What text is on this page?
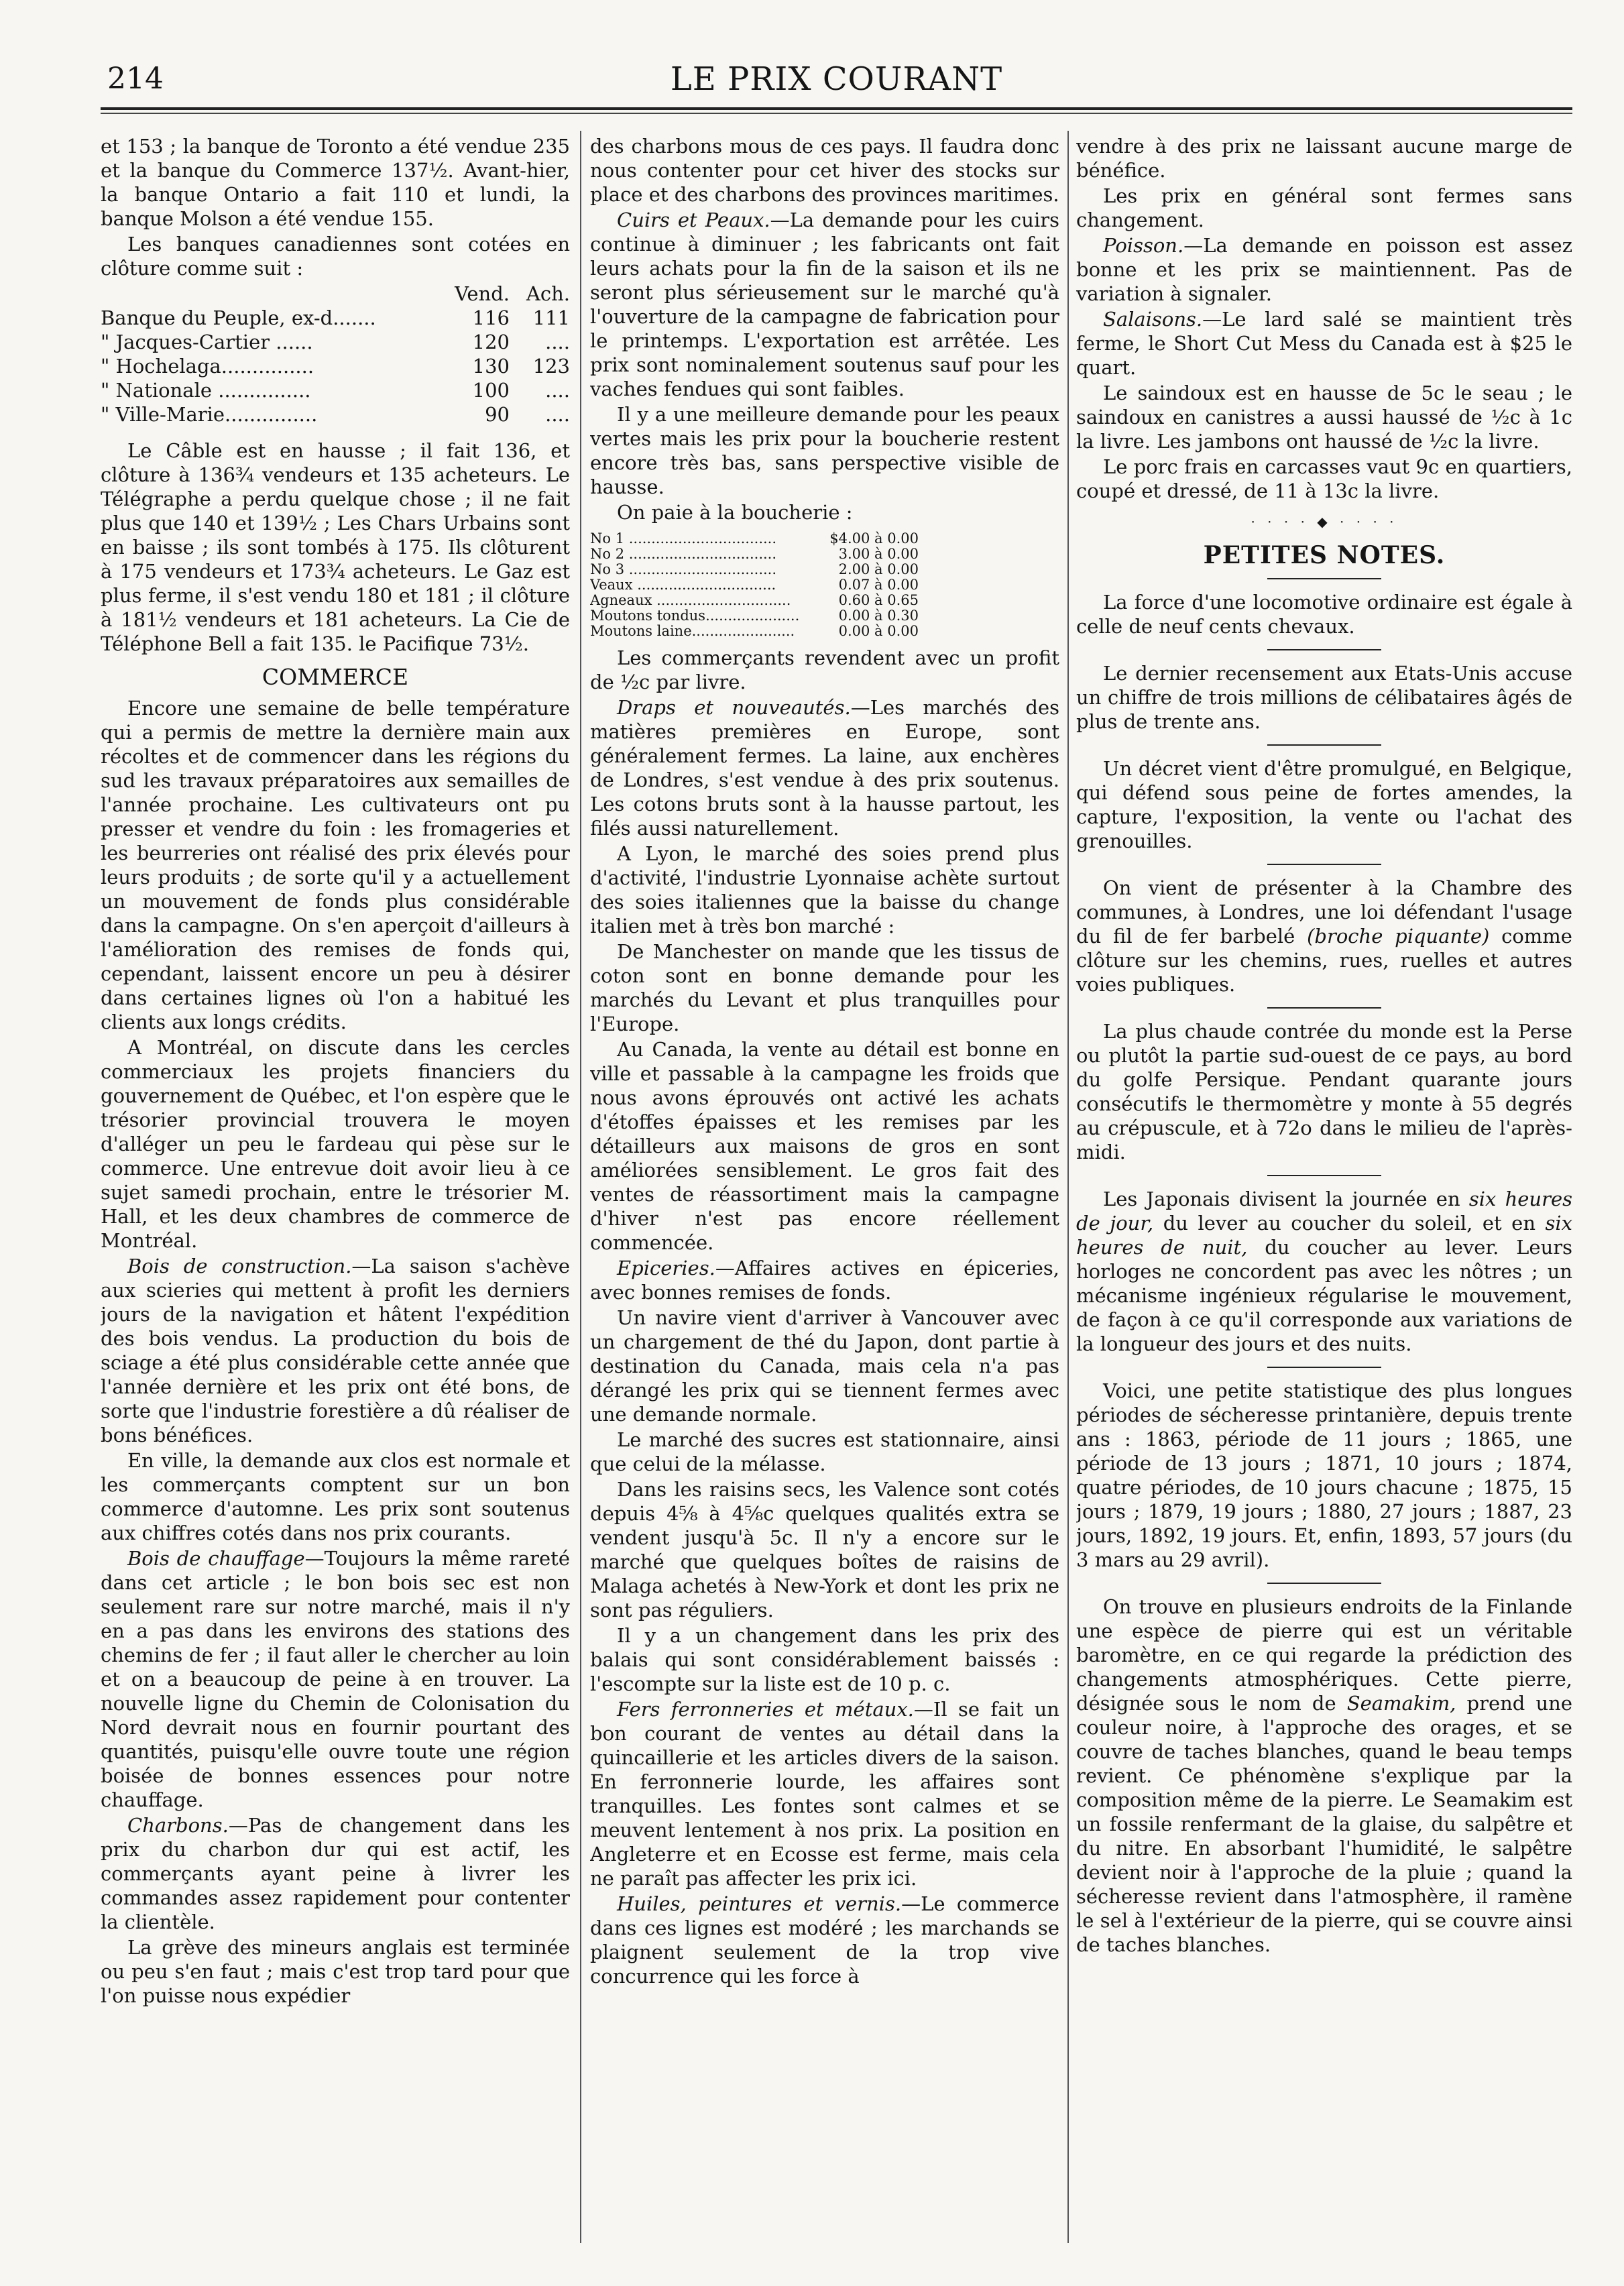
214	LE PRIX COURANT

et 153 ; la banque de Toronto a été vendue 235 et la banque du Commerce 137½. Avant-hier, la banque Ontario a fait 110 et lundi, la banque Molson a été vendue 155.

Les banques canadiennes sont cotées en clôture comme suit :

	Vend.	Ach.
Banque du Peuple, ex-d.......	116	111
" Jacques-Cartier ......	120	....
" Hochelaga...............	130	123
" Nationale ...............	100	....
" Ville-Marie...............	90	....

Le Câble est en hausse ; il fait 136, et clôture à 136¾ vendeurs et 135 acheteurs. Le Télégraphe a perdu quelque chose ; il ne fait plus que 140 et 139½ ; Les Chars Urbains sont en baisse ; ils sont tombés à 175. Ils clôturent à 175 vendeurs et 173¾ acheteurs. Le Gaz est plus ferme, il s'est vendu 180 et 181 ; il clôture à 181½ vendeurs et 181 acheteurs. La Cie de Téléphone Bell a fait 135. le Pacifique 73½.

COMMERCE

Encore une semaine de belle température qui a permis de mettre la dernière main aux récoltes et de commencer dans les régions du sud les travaux préparatoires aux semailles de l'année prochaine. Les cultivateurs ont pu presser et vendre du foin : les fromageries et les beurreries ont réalisé des prix élevés pour leurs produits ; de sorte qu'il y a actuellement un mouvement de fonds plus considérable dans la campagne. On s'en aperçoit d'ailleurs à l'amélioration des remises de fonds qui, cependant, laissent encore un peu à désirer dans certaines lignes où l'on a habitué les clients aux longs crédits.

A Montréal, on discute dans les cercles commerciaux les projets financiers du gouvernement de Québec, et l'on espère que le trésorier provincial trouvera le moyen d'alléger un peu le fardeau qui pèse sur le commerce. Une entrevue doit avoir lieu à ce sujet samedi prochain, entre le trésorier M. Hall, et les deux chambres de commerce de Montréal.

Bois de construction.—La saison s'achève aux scieries qui mettent à profit les derniers jours de la navigation et hâtent l'expédition des bois vendus. La production du bois de sciage a été plus considérable cette année que l'année dernière et les prix ont été bons, de sorte que l'industrie forestière a dû réaliser de bons bénéfices.

En ville, la demande aux clos est normale et les commerçants comptent sur un bon commerce d'automne. Les prix sont soutenus aux chiffres cotés dans nos prix courants.

Bois de chauffage—Toujours la même rareté dans cet article ; le bon bois sec est non seulement rare sur notre marché, mais il n'y en a pas dans les environs des stations des chemins de fer ; il faut aller le chercher au loin et on a beaucoup de peine à en trouver. La nouvelle ligne du Chemin de Colonisation du Nord devrait nous en fournir pourtant des quantités, puisqu'elle ouvre toute une région boisée de bonnes essences pour notre chauffage.

Charbons.—Pas de changement dans les prix du charbon dur qui est actif, les commerçants ayant peine à livrer les commandes assez rapidement pour contenter la clientèle.

La grève des mineurs anglais est terminée ou peu s'en faut ; mais c'est trop tard pour que l'on puisse nous expédier

des charbons mous de ces pays. Il faudra donc nous contenter pour cet hiver des stocks sur place et des charbons des provinces maritimes.

Cuirs et Peaux.—La demande pour les cuirs continue à diminuer ; les fabricants ont fait leurs achats pour la fin de la saison et ils ne seront plus sérieusement sur le marché qu'à l'ouverture de la campagne de fabrication pour le printemps. L'exportation est arrêtée. Les prix sont nominalement soutenus sauf pour les vaches fendues qui sont faibles.

Il y a une meilleure demande pour les peaux vertes mais les prix pour la boucherie restent encore très bas, sans perspective visible de hausse.

On paie à la boucherie :

No 1 .................................	$4.00 à 0.00
No 2 .................................	3.00 à 0.00
No 3 .................................	2.00 à 0.00
Veaux ...............................	0.07 à 0.00
Agneaux ..............................	0.60 à 0.65
Moutons tondus.....................	0.00 à 0.30
Moutons laine.......................	0.00 à 0.00

Les commerçants revendent avec un profit de ½c par livre.

Draps et nouveautés.—Les marchés des matières premières en Europe, sont généralement fermes. La laine, aux enchères de Londres, s'est vendue à des prix soutenus. Les cotons bruts sont à la hausse partout, les filés aussi naturellement.

A Lyon, le marché des soies prend plus d'activité, l'industrie Lyonnaise achète surtout des soies italiennes que la baisse du change italien met à très bon marché :

De Manchester on mande que les tissus de coton sont en bonne demande pour les marchés du Levant et plus tranquilles pour l'Europe.

Au Canada, la vente au détail est bonne en ville et passable à la campagne les froids que nous avons éprouvés ont activé les achats d'étoffes épaisses et les remises par les détailleurs aux maisons de gros en sont améliorées sensiblement. Le gros fait des ventes de réassortiment mais la campagne d'hiver n'est pas encore réellement commencée.

Epiceries.—Affaires actives en épiceries, avec bonnes remises de fonds.

Un navire vient d'arriver à Vancouver avec un chargement de thé du Japon, dont partie à destination du Canada, mais cela n'a pas dérangé les prix qui se tiennent fermes avec une demande normale.

Le marché des sucres est stationnaire, ainsi que celui de la mélasse.

Dans les raisins secs, les Valence sont cotés depuis 4⅝ à 4⅝c quelques qualités extra se vendent jusqu'à 5c. Il n'y a encore sur le marché que quelques boîtes de raisins de Malaga achetés à New-York et dont les prix ne sont pas réguliers.

Il y a un changement dans les prix des balais qui sont considérablement baissés : l'escompte sur la liste est de 10 p. c.

Fers ferronneries et métaux.—Il se fait un bon courant de ventes au détail dans la quincaillerie et les articles divers de la saison. En ferronnerie lourde, les affaires sont tranquilles. Les fontes sont calmes et se meuvent lentement à nos prix. La position en Angleterre et en Ecosse est ferme, mais cela ne paraît pas affecter les prix ici.

Huiles, peintures et vernis.—Le commerce dans ces lignes est modéré ; les marchands se plaignent seulement de la trop vive concurrence qui les force à

vendre à des prix ne laissant aucune marge de bénéfice.

Les prix en général sont fermes sans changement.

Poisson.—La demande en poisson est assez bonne et les prix se maintiennent. Pas de variation à signaler.

Salaisons.—Le lard salé se maintient très ferme, le Short Cut Mess du Canada est à $25 le quart.

Le saindoux est en hausse de 5c le seau ; le saindoux en canistres a aussi haussé de ½c à 1c la livre. Les jambons ont haussé de ½c la livre.

Le porc frais en carcasses vaut 9c en quartiers, coupé et dressé, de 11 à 13c la livre.

· · · · ◆ · · · ·
PETITES NOTES.

La force d'une locomotive ordinaire est égale à celle de neuf cents chevaux.

Le dernier recensement aux Etats-Unis accuse un chiffre de trois millions de célibataires âgés de plus de trente ans.

Un décret vient d'être promulgué, en Belgique, qui défend sous peine de fortes amendes, la capture, l'exposition, la vente ou l'achat des grenouilles.

On vient de présenter à la Chambre des communes, à Londres, une loi défendant l'usage du fil de fer barbelé (broche piquante) comme clôture sur les chemins, rues, ruelles et autres voies publiques.

La plus chaude contrée du monde est la Perse ou plutôt la partie sud-ouest de ce pays, au bord du golfe Persique. Pendant quarante jours consécutifs le thermomètre y monte à 55 degrés au crépuscule, et à 72o dans le milieu de l'après-midi.

Les Japonais divisent la journée en six heures de jour, du lever au coucher du soleil, et en six heures de nuit, du coucher au lever. Leurs horloges ne concordent pas avec les nôtres ; un mécanisme ingénieux régularise le mouvement, de façon à ce qu'il corresponde aux variations de la longueur des jours et des nuits.

Voici, une petite statistique des plus longues périodes de sécheresse printanière, depuis trente ans : 1863, période de 11 jours ; 1865, une période de 13 jours ; 1871, 10 jours ; 1874, quatre périodes, de 10 jours chacune ; 1875, 15 jours ; 1879, 19 jours ; 1880, 27 jours ; 1887, 23 jours, 1892, 19 jours. Et, enfin, 1893, 57 jours (du 3 mars au 29 avril).

On trouve en plusieurs endroits de la Finlande une espèce de pierre qui est un véritable baromètre, en ce qui regarde la prédiction des changements atmosphériques. Cette pierre, désignée sous le nom de Seamakim, prend une couleur noire, à l'approche des orages, et se couvre de taches blanches, quand le beau temps revient. Ce phénomène s'explique par la composition même de la pierre. Le Seamakim est un fossile renfermant de la glaise, du salpêtre et du nitre. En absorbant l'humidité, le salpêtre devient noir à l'approche de la pluie ; quand la sécheresse revient dans l'atmosphère, il ramène le sel à l'extérieur de la pierre, qui se couvre ainsi de taches blanches.
